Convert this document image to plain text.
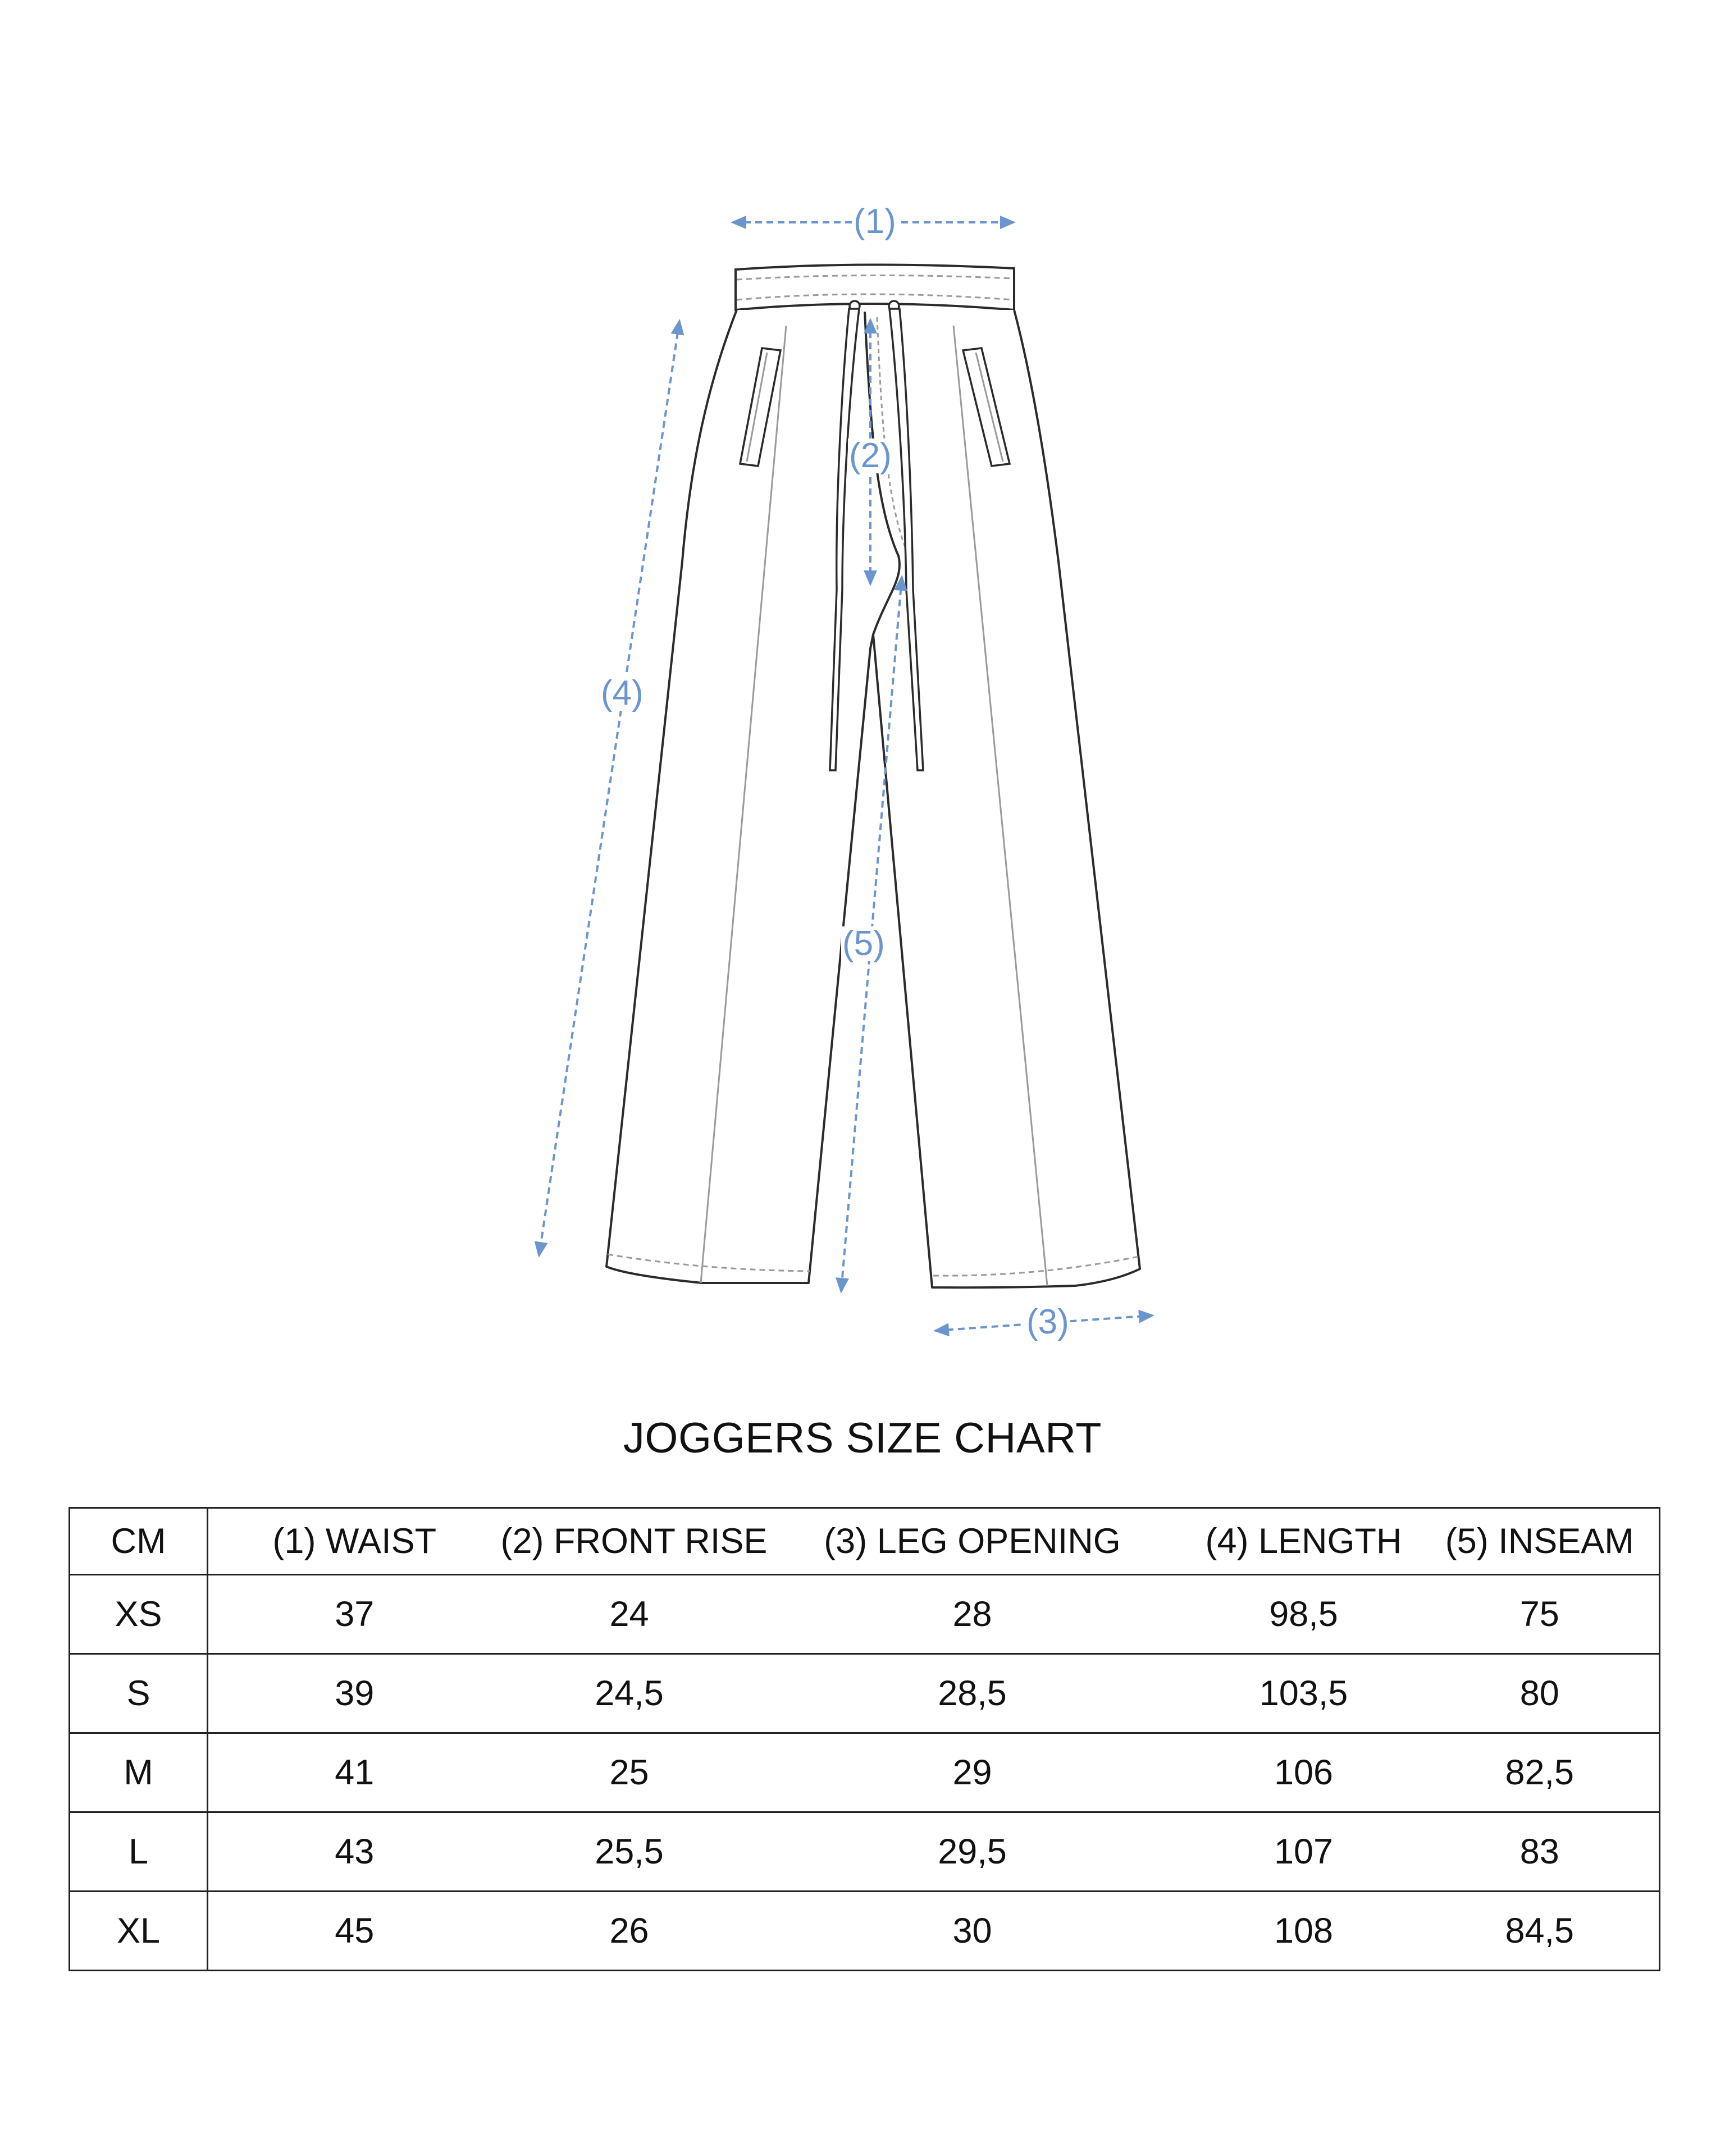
(1)
(2)
(3)
(4)
(5)
JOGGERS SIZE CHART
CM	(1) WAIST	(2) FRONT RISE	(3) LEG OPENING	(4) LENGTH	(5) INSEAM
XS	37	24	28	98,5	75
S	39	24,5	28,5	103,5	80
M	41	25	29	106	82,5
L	43	25,5	29,5	107	83
XL	45	26	30	108	84,5
